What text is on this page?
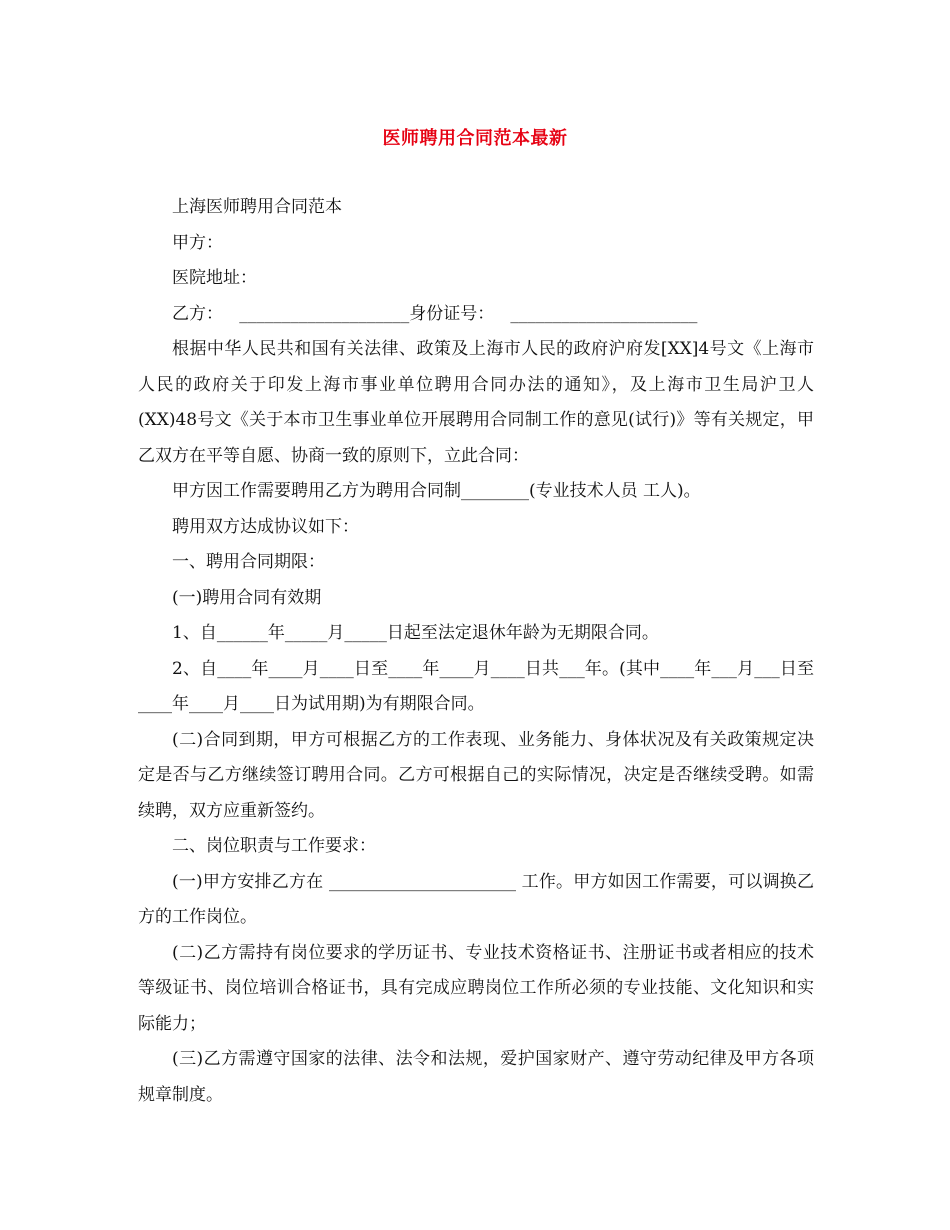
医师聘用合同范本最新

上海医师聘用合同范本

甲方：

医院地址：

乙方：   ____________________身份证号：   ______________________

根据中华人民共和国有关法律、政策及上海市人民的政府沪府发[XX]4号文《上海市人民的政府关于印发上海市事业单位聘用合同办法的通知》，及上海市卫生局沪卫人(XX)48号文《关于本市卫生事业单位开展聘用合同制工作的意见(试行)》等有关规定，甲乙双方在平等自愿、协商一致的原则下，立此合同：

甲方因工作需要聘用乙方为聘用合同制________(专业技术人员 工人)。

聘用双方达成协议如下：

一、聘用合同期限：

(一)聘用合同有效期

1、自______年_____月_____日起至法定退休年龄为无期限合同。

2、自____年____月____日至____年____月____日共___年。(其中____年___月___日至____年____月____日为试用期)为有期限合同。

(二)合同到期，甲方可根据乙方的工作表现、业务能力、身体状况及有关政策规定决定是否与乙方继续签订聘用合同。乙方可根据自己的实际情况，决定是否继续受聘。如需续聘，双方应重新签约。

二、岗位职责与工作要求：

(一)甲方安排乙方在 ______________________ 工作。甲方如因工作需要，可以调换乙方的工作岗位。

(二)乙方需持有岗位要求的学历证书、专业技术资格证书、注册证书或者相应的技术等级证书、岗位培训合格证书，具有完成应聘岗位工作所必须的专业技能、文化知识和实际能力；

(三)乙方需遵守国家的法律、法令和法规，爱护国家财产、遵守劳动纪律及甲方各项规章制度。
